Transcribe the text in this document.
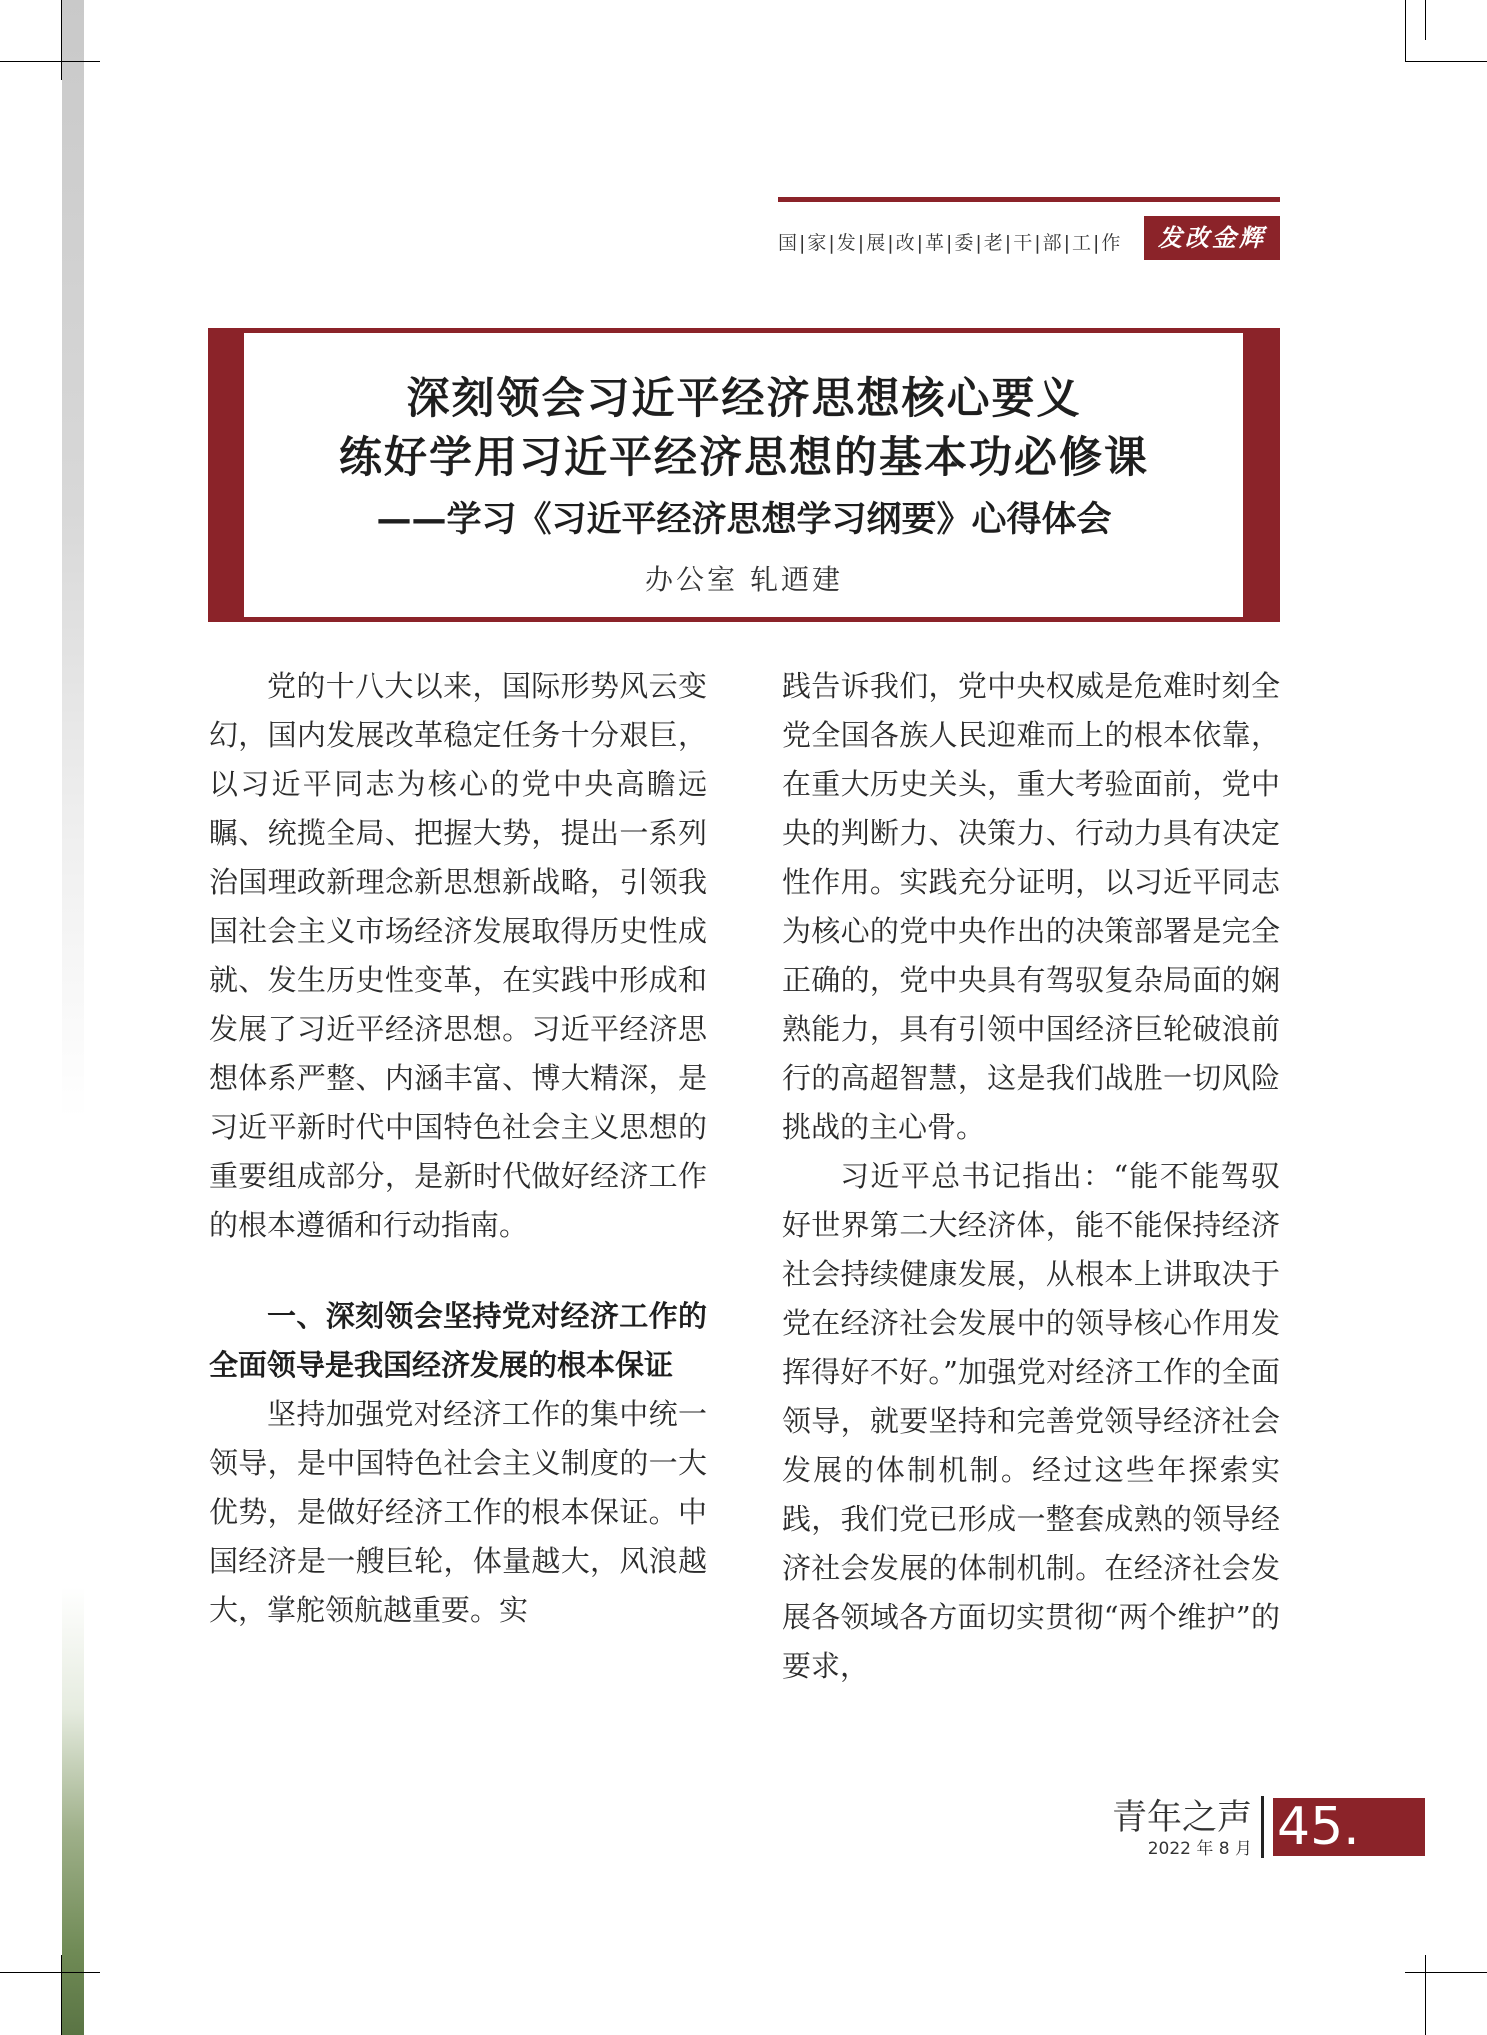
国|家|发|展|改|革|委|老|干|部|工|作	发改金辉
深刻领会习近平经济思想核心要义
练好学用习近平经济思想的基本功必修课
——学习《习近平经济思想学习纲要》心得体会
办公室 轧迺建

党的十八大以来，国际形势风云变幻，国内发展改革稳定任务十分艰巨，以习近平同志为核心的党中央高瞻远瞩、统揽全局、把握大势，提出一系列治国理政新理念新思想新战略，引领我国社会主义市场经济发展取得历史性成就、发生历史性变革，在实践中形成和发展了习近平经济思想。习近平经济思想体系严整、内涵丰富、博大精深，是习近平新时代中国特色社会主义思想的重要组成部分，是新时代做好经济工作的根本遵循和行动指南。

一、深刻领会坚持党对经济工作的全面领导是我国经济发展的根本保证

坚持加强党对经济工作的集中统一领导，是中国特色社会主义制度的一大优势，是做好经济工作的根本保证。中国经济是一艘巨轮，体量越大，风浪越大，掌舵领航越重要。实

践告诉我们，党中央权威是危难时刻全党全国各族人民迎难而上的根本依靠，在重大历史关头，重大考验面前，党中央的判断力、决策力、行动力具有决定性作用。实践充分证明，以习近平同志为核心的党中央作出的决策部署是完全正确的，党中央具有驾驭复杂局面的娴熟能力，具有引领中国经济巨轮破浪前行的高超智慧，这是我们战胜一切风险挑战的主心骨。

习近平总书记指出：“能不能驾驭好世界第二大经济体，能不能保持经济社会持续健康发展，从根本上讲取决于党在经济社会发展中的领导核心作用发挥得好不好。”加强党对经济工作的全面领导，就要坚持和完善党领导经济社会发展的体制机制。经过这些年探索实践，我们党已形成一整套成熟的领导经济社会发展的体制机制。在经济社会发展各领域各方面切实贯彻“两个维护”的要求，

青年之声
2022 年 8 月 45.
